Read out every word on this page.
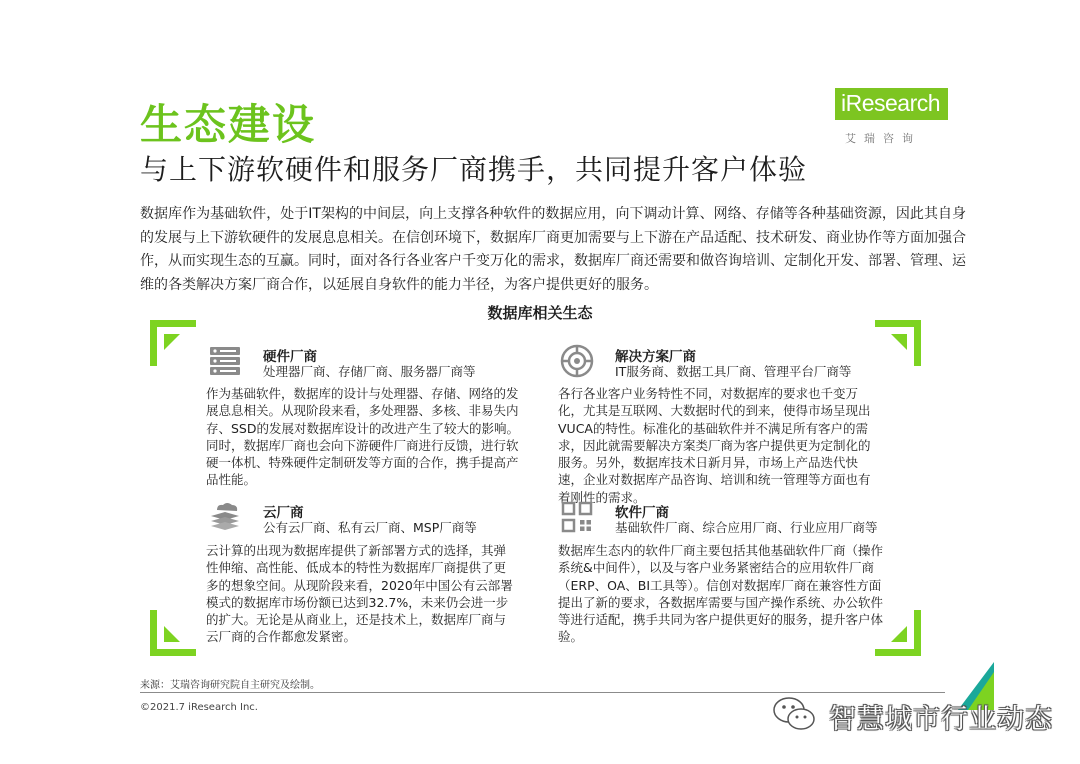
生态建设
与上下游软硬件和服务厂商携手，共同提升客户体验
iResearch
艾瑞咨询
数据库作为基础软件，处于IT架构的中间层，向上支撑各种软件的数据应用，向下调动计算、网络、存储等各种基础资源，因此其自身的发展与上下游软硬件的发展息息相关。在信创环境下，数据库厂商更加需要与上下游在产品适配、技术研发、商业协作等方面加强合作，从而实现生态的互赢。同时，面对各行各业客户千变万化的需求，数据库厂商还需要和做咨询培训、定制化开发、部署、管理、运维的各类解决方案厂商合作，以延展自身软件的能力半径，为客户提供更好的服务。
数据库相关生态
硬件厂商
处理器厂商、存储厂商、服务器厂商等
作为基础软件，数据库的设计与处理器、存储、网络的发展息息相关。从现阶段来看，多处理器、多核、非易失内存、SSD的发展对数据库设计的改进产生了较大的影响。同时，数据库厂商也会向下游硬件厂商进行反馈，进行软硬一体机、特殊硬件定制研发等方面的合作，携手提高产品性能。
解决方案厂商
IT服务商、数据工具厂商、管理平台厂商等
各行各业客户业务特性不同，对数据库的要求也千变万化，尤其是互联网、大数据时代的到来，使得市场呈现出VUCA的特性。标准化的基础软件并不满足所有客户的需求，因此就需要解决方案类厂商为客户提供更为定制化的服务。另外，数据库技术日新月异，市场上产品迭代快速，企业对数据库产品咨询、培训和统一管理等方面也有着刚性的需求。
云厂商
公有云厂商、私有云厂商、MSP厂商等
云计算的出现为数据库提供了新部署方式的选择，其弹性伸缩、高性能、低成本的特性为数据库厂商提供了更多的想象空间。从现阶段来看，2020年中国公有云部署模式的数据库市场份额已达到32.7%，未来仍会进一步的扩大。无论是从商业上，还是技术上，数据库厂商与云厂商的合作都愈发紧密。
软件厂商
基础软件厂商、综合应用厂商、行业应用厂商等
数据库生态内的软件厂商主要包括其他基础软件厂商（操作系统&中间件），以及与客户业务紧密结合的应用软件厂商（ERP、OA、BI工具等）。信创对数据库厂商在兼容性方面提出了新的要求，各数据库需要与国产操作系统、办公软件等进行适配，携手共同为客户提供更好的服务，提升客户体验。
来源：艾瑞咨询研究院自主研究及绘制。
©2021.7 iResearch Inc.	智慧城市行业动态
